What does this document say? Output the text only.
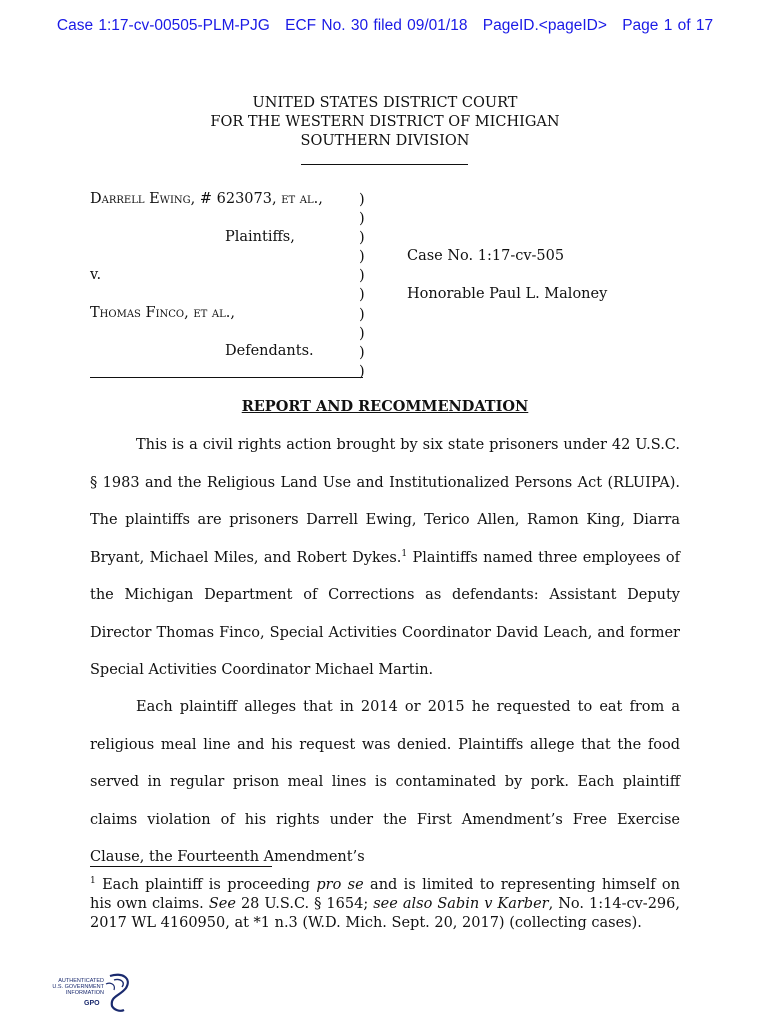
Case 1:17-cv-00505-PLM-PJG ECF No. 30 filed 09/01/18 PageID.<pageID> Page 1 of 17
UNITED STATES DISTRICT COURT
FOR THE WESTERN DISTRICT OF MICHIGAN
SOUTHERN DIVISION
Darrell Ewing, # 623073, et al.,
Plaintiffs,
v.
Thomas Finco, et al.,
Defendants.
Case No. 1:17-cv-505
Honorable Paul L. Maloney
)
)
)
)
)
)
)
)
)
)
REPORT AND RECOMMENDATION
This is a civil rights action brought by six state prisoners under 42 U.S.C. § 1983 and the Religious Land Use and Institutionalized Persons Act (RLUIPA). The plaintiffs are prisoners Darrell Ewing, Terico Allen, Ramon King, Diarra Bryant, Michael Miles, and Robert Dykes.$^1$ Plaintiffs named three employees of the Michigan Department of Corrections as defendants: Assistant Deputy Director Thomas Finco, Special Activities Coordinator David Leach, and former Special Activities Coordinator Michael Martin.
Each plaintiff alleges that in 2014 or 2015 he requested to eat from a religious meal line and his request was denied. Plaintiffs allege that the food served in regular prison meal lines is contaminated by pork. Each plaintiff claims violation of his rights under the First Amendment’s Free Exercise Clause, the Fourteenth Amendment’s
$^1$ Each plaintiff is proceeding pro se and is limited to representing himself on his own claims. See 28 U.S.C. § 1654; see also Sabin v Karber, No. 1:14-cv-296, 2017 WL 4160950, at *1 n.3 (W.D. Mich. Sept. 20, 2017) (collecting cases).
AUTHENTICATED
U.S. GOVERNMENT
INFORMATION
GPO
